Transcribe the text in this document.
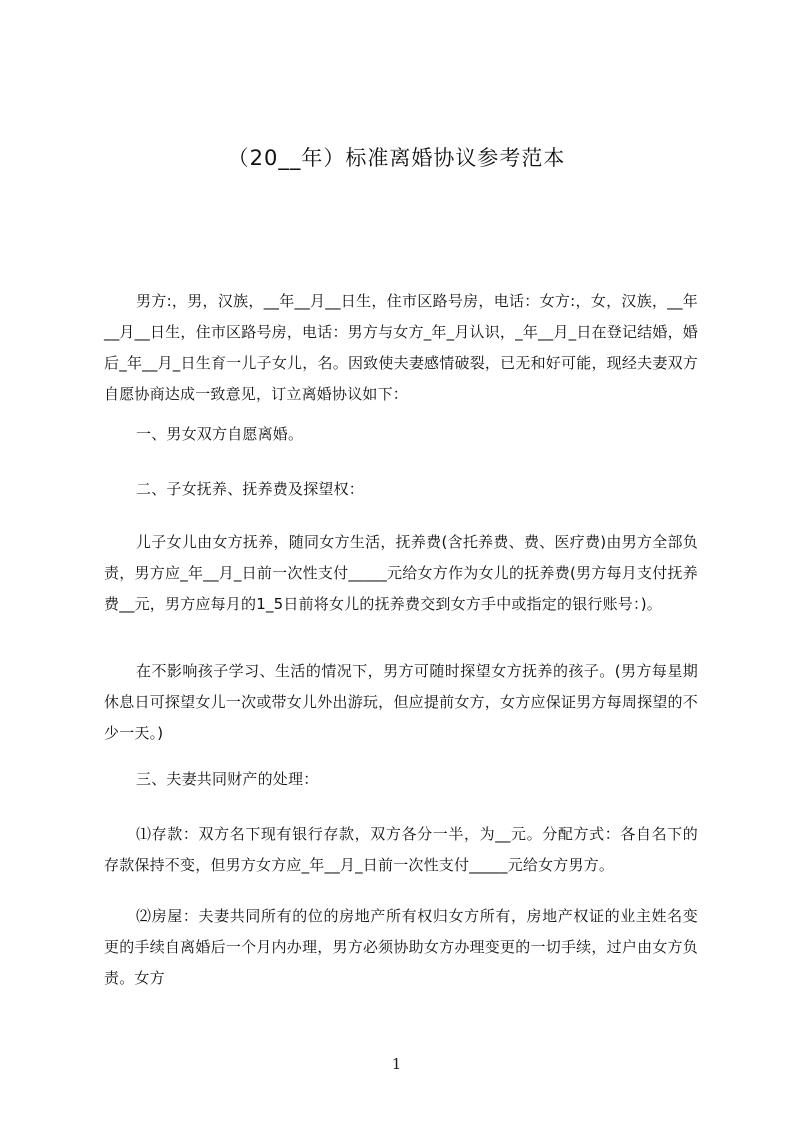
（20__年）标准离婚协议参考范本

男方:，男，汉族，__年__月__日生，住市区路号房，电话：女方:，女，汉族，__年__月__日生，住市区路号房，电话：男方与女方_年_月认识，_年__月_日在登记结婚，婚后_年__月_日生育一儿子女儿，名。因致使夫妻感情破裂，已无和好可能，现经夫妻双方自愿协商达成一致意见，订立离婚协议如下：

一、男女双方自愿离婚。

二、子女抚养、抚养费及探望权：

儿子女儿由女方抚养，随同女方生活，抚养费(含托养费、费、医疗费)由男方全部负责，男方应_年__月_日前一次性支付_____元给女方作为女儿的抚养费(男方每月支付抚养费__元，男方应每月的1_5日前将女儿的抚养费交到女方手中或指定的银行账号：)。

在不影响孩子学习、生活的情况下，男方可随时探望女方抚养的孩子。(男方每星期休息日可探望女儿一次或带女儿外出游玩，但应提前女方，女方应保证男方每周探望的不少一天。)

三、夫妻共同财产的处理：

⑴存款：双方名下现有银行存款，双方各分一半，为__元。分配方式：各自名下的存款保持不变，但男方女方应_年__月_日前一次性支付_____元给女方男方。

⑵房屋：夫妻共同所有的位的房地产所有权归女方所有，房地产权证的业主姓名变更的手续自离婚后一个月内办理，男方必须协助女方办理变更的一切手续，过户由女方负责。女方

1
